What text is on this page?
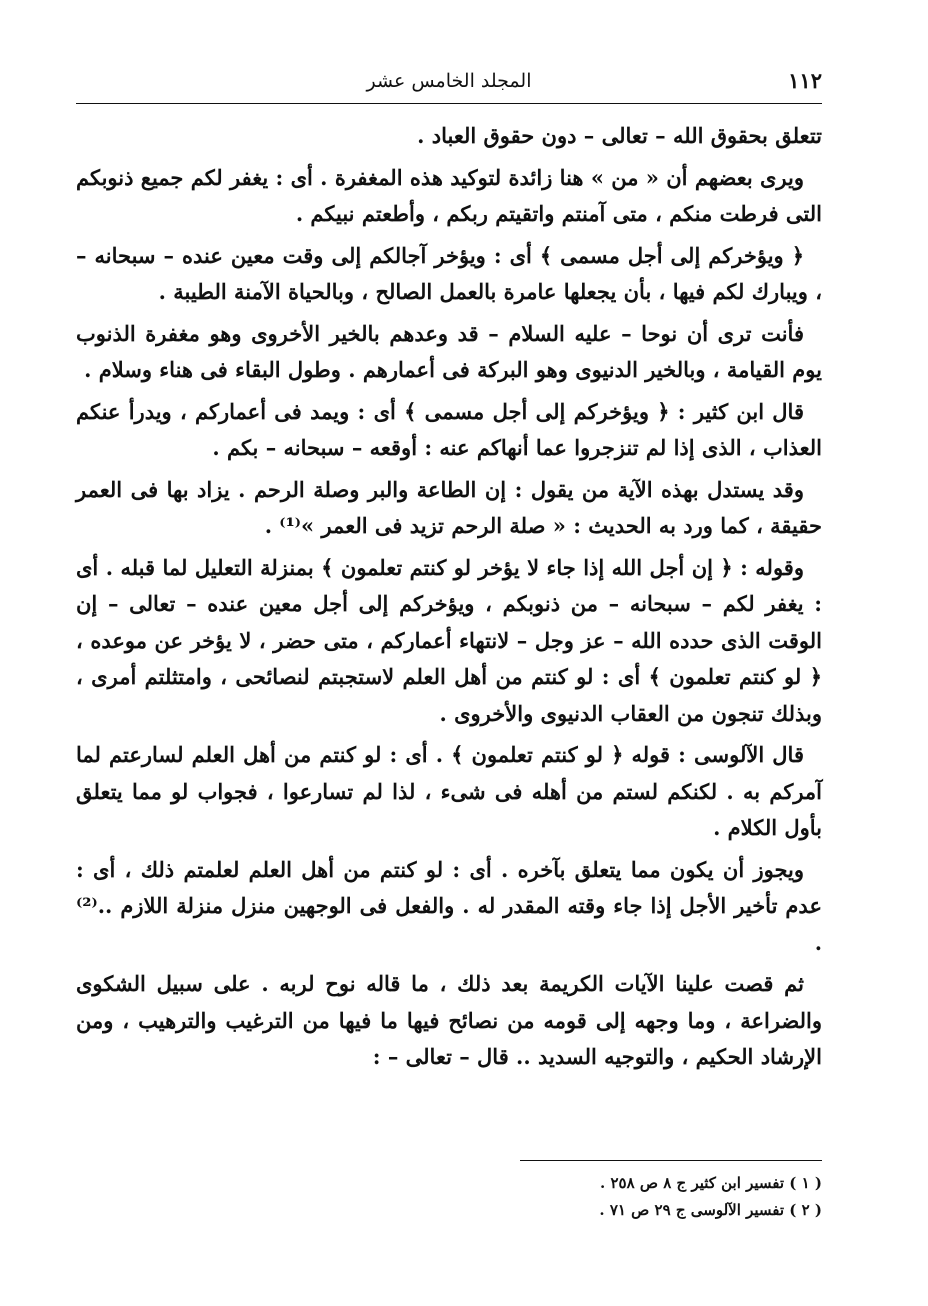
١١٢
المجلد الخامس عشر

تتعلق بحقوق الله – تعالى – دون حقوق العباد .

ويرى بعضهم أن « من » هنا زائدة لتوكيد هذه المغفرة . أى : يغفر لكم جميع ذنوبكم التى فرطت منكم ، متى آمنتم واتقيتم ربكم ، وأطعتم نبيكم .

﴿ ويؤخركم إلى أجل مسمى ﴾ أى : ويؤخر آجالكم إلى وقت معين عنده – سبحانه – ، ويبارك لكم فيها ، بأن يجعلها عامرة بالعمل الصالح ، وبالحياة الآمنة الطيبة .

فأنت ترى أن نوحا – عليه السلام – قد وعدهم بالخير الأخروى وهو مغفرة الذنوب يوم القيامة ، وبالخير الدنيوى وهو البركة فى أعمارهم . وطول البقاء فى هناء وسلام .

قال ابن كثير : ﴿ ويؤخركم إلى أجل مسمى ﴾ أى : ويمد فى أعماركم ، ويدرأ عنكم العذاب ، الذى إذا لم تنزجروا عما أنهاكم عنه : أوقعه – سبحانه – بكم .

وقد يستدل بهذه الآية من يقول : إن الطاعة والبر وصلة الرحم . يزاد بها فى العمر حقيقة ، كما ورد به الحديث : « صلة الرحم تزيد فى العمر »⁽¹⁾ .

وقوله : ﴿ إن أجل الله إذا جاء لا يؤخر لو كنتم تعلمون ﴾ بمنزلة التعليل لما قبله . أى : يغفر لكم – سبحانه – من ذنوبكم ، ويؤخركم إلى أجل معين عنده – تعالى – إن الوقت الذى حدده الله – عز وجل – لانتهاء أعماركم ، متى حضر ، لا يؤخر عن موعده ، ﴿ لو كنتم تعلمون ﴾ أى : لو كنتم من أهل العلم لاستجبتم لنصائحى ، وامتثلتم أمرى ، وبذلك تنجون من العقاب الدنيوى والأخروى .

قال الآلوسى : قوله ﴿ لو كنتم تعلمون ﴾ . أى : لو كنتم من أهل العلم لسارعتم لما آمركم به . لكنكم لستم من أهله فى شىء ، لذا لم تسارعوا ، فجواب لو مما يتعلق بأول الكلام .

ويجوز أن يكون مما يتعلق بآخره . أى : لو كنتم من أهل العلم لعلمتم ذلك ، أى : عدم تأخير الأجل إذا جاء وقته المقدر له . والفعل فى الوجهين منزل منزلة اللازم ..⁽²⁾ .

ثم قصت علينا الآيات الكريمة بعد ذلك ، ما قاله نوح لربه . على سبيل الشكوى والضراعة ، وما وجهه إلى قومه من نصائح فيها ما فيها من الترغيب والترهيب ، ومن الإرشاد الحكيم ، والتوجيه السديد .. قال – تعالى – :

( ١ ) تفسير ابن كثير ج ٨ ص ٢٥٨ .
( ٢ ) تفسير الآلوسى ج ٢٩ ص ٧١ .
